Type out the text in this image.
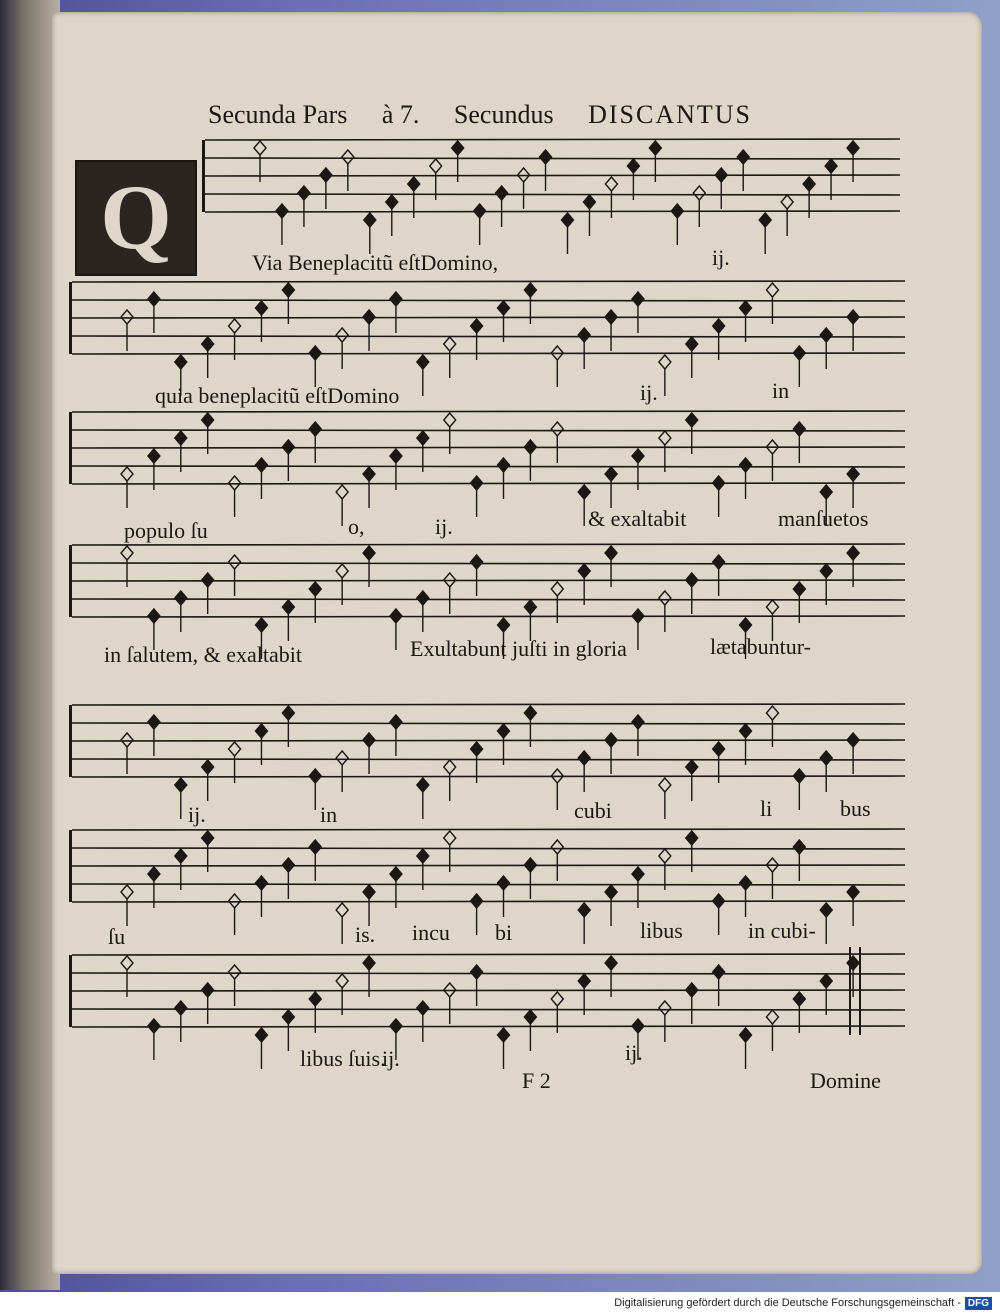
Secunda Pars à 7. Secundus DISCANTUS
Q	Via Beneplacitũ eſtDomino,	ij.
quia beneplacitũ eſtDomino	ij.	in
populo ſu	o,	ij.	& exaltabit	manſuetos
in ſalutem, & exaltabit	Exultabunt juſti in gloria	lætabuntur-
ij.	in	cubi	li	bus
ſu	is. incu bi	libus	in cubi-
libus ſuis.
ij.	ij.
F 2	Domine
Digitalisierung gefördert durch die Deutsche Forschungsgemeinschaft - DFG
